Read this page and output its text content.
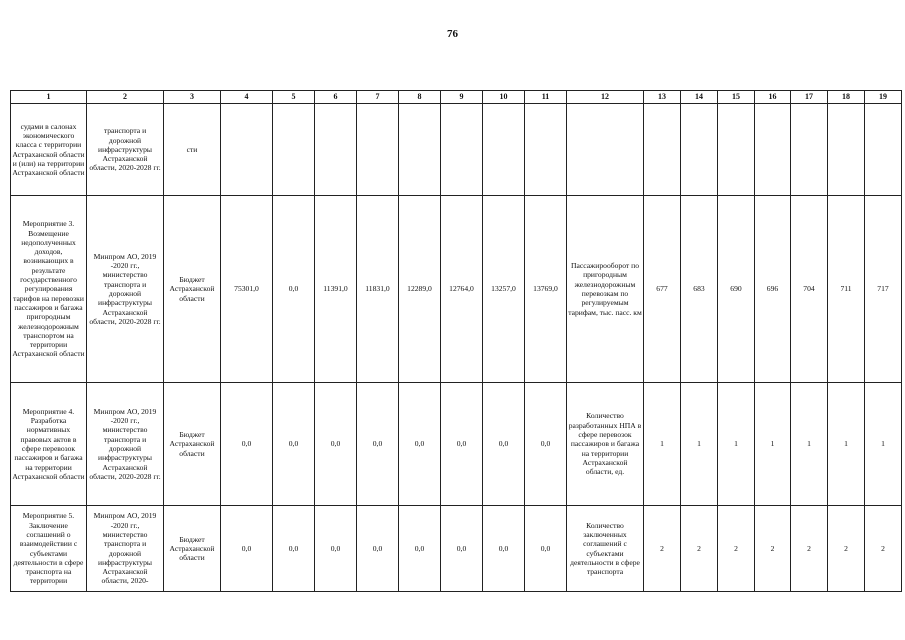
76
1	2	3	4	5	6	7	8	9	10	11	12	13	14	15	16	17	18	19
судами в салонах экономического класса с территории Астраханской области и (или) на территории Астраханской области	транспорта и дорожной инфраструктуры Астраханской области, 2020-2028 гг.	сти																
Мероприятие 3. Возмещение недополученных доходов, возникающих в результате государственного регулирования тарифов на перевозки пассажиров и багажа пригородным железнодорожным транспортом на территории Астраханской области	Минпром АО, 2019 -2020 гг., министерство транспорта и дорожной инфраструктуры Астраханской области, 2020-2028 гг.	Бюджет Астраханской области	75301,0	0,0	11391,0	11831,0	12289,0	12764,0	13257,0	13769,0	Пассажирооборот по пригородным железнодорожным перевозкам по регулируемым тарифам, тыс. пасс. км	677	683	690	696	704	711	717
Мероприятие 4. Разработка нормативных правовых актов в сфере перевозок пассажиров и багажа на территории Астраханской области	Минпром АО, 2019 -2020 гг., министерство транспорта и дорожной инфраструктуры Астраханской области, 2020-2028 гг.	Бюджет Астраханской области	0,0	0,0	0,0	0,0	0,0	0,0	0,0	0,0	Количество разработанных НПА в сфере перевозок пассажиров и багажа на территории Астраханской области, ед.	1	1	1	1	1	1	1
Мероприятие 5. Заключение соглашений о взаимодействии с субъектами деятельности в сфере транспорта на территории	Минпром АО, 2019 -2020 гг., министерство транспорта и дорожной инфраструктуры Астраханской области, 2020-	Бюджет Астраханской области	0,0	0,0	0,0	0,0	0,0	0,0	0,0	0,0	Количество заключенных соглашений с субъектами деятельности в сфере транспорта	2	2	2	2	2	2	2
